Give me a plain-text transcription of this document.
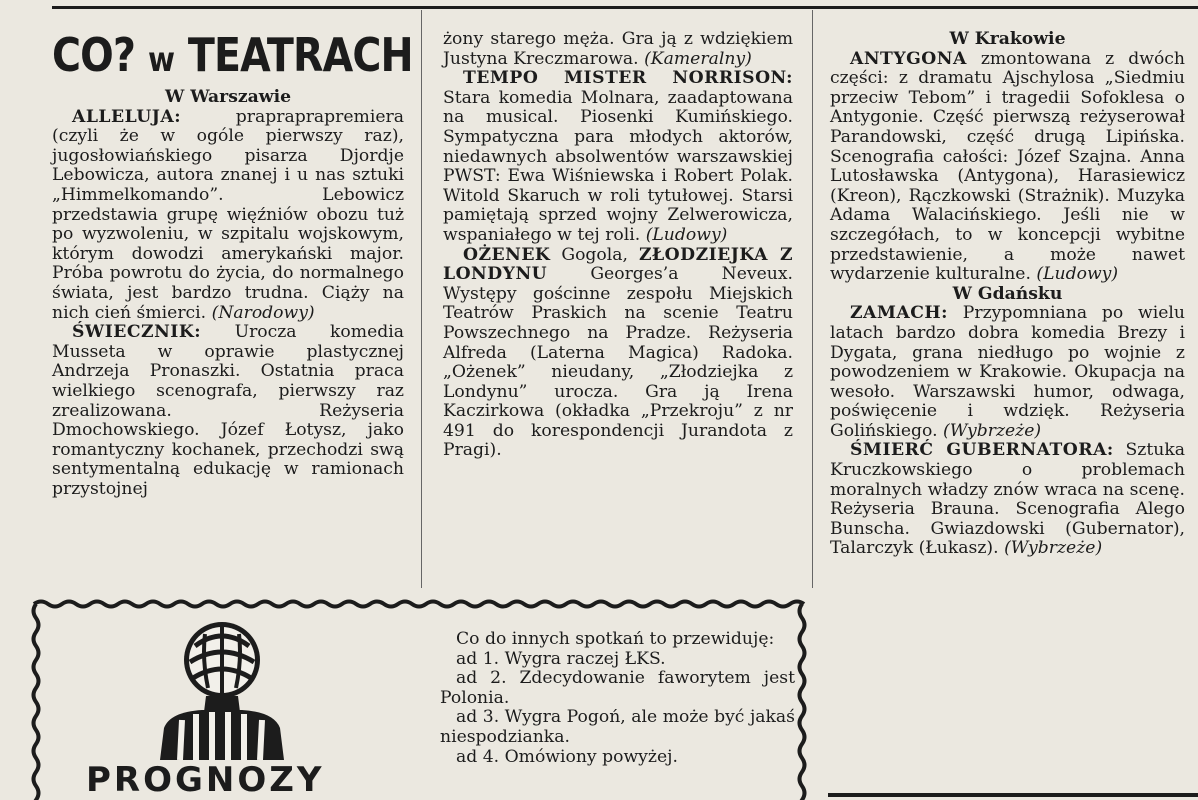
CO? w TEATRACH

W Warszawie

ALLELUJA: prapraprapremiera (czyli że w ogóle pierwszy raz), jugosłowiańskiego pisarza Djordje Lebowicza, autora znanej i u nas sztuki „Himmelkomando”. Lebowicz przedstawia grupę więźniów obozu tuż po wyzwoleniu, w szpitalu wojskowym, którym dowodzi amerykański major. Próba powrotu do życia, do normalnego świata, jest bardzo trudna. Ciąży na nich cień śmierci. (Narodowy)

ŚWIECZNIK: Urocza komedia Musseta w oprawie plastycznej Andrzeja Pronaszki. Ostatnia praca wielkiego scenografa, pierwszy raz zrealizowana. Reżyseria Dmochowskiego. Józef Łotysz, jako romantyczny kochanek, przechodzi swą sentymentalną edukację w ramionach przystojnej

żony starego męża. Gra ją z wdziękiem Justyna Kreczmarowa. (Kameralny)

TEMPO MISTER NORRISON: Stara komedia Molnara, zaadaptowana na musical. Piosenki Kumińskiego. Sympatyczna para młodych aktorów, niedawnych absolwentów warszawskiej PWST: Ewa Wiśniewska i Robert Polak. Witold Skaruch w roli tytułowej. Starsi pamiętają sprzed wojny Zelwerowicza, wspaniałego w tej roli. (Ludowy)

OŻENEK Gogola, ZŁODZIEJKA Z LONDYNU Georges’a Neveux. Występy gościnne zespołu Miejskich Teatrów Praskich na scenie Teatru Powszechnego na Pradze. Reżyseria Alfreda (Laterna Magica) Radoka. „Ożenek” nieudany, „Złodziejka z Londynu” urocza. Gra ją Irena Kaczirkowa (okładka „Przekroju” z nr 491 do korespondencji Jurandota z Pragi).

W Krakowie

ANTYGONA zmontowana z dwóch części: z dramatu Ajschylosa „Siedmiu przeciw Tebom” i tragedii Sofoklesa o Antygonie. Część pierwszą reżyserował Parandowski, część drugą Lipińska. Scenografia całości: Józef Szajna. Anna Lutosławska (Antygona), Harasiewicz (Kreon), Rączkowski (Strażnik). Muzyka Adama Walacińskiego. Jeśli nie w szczegółach, to w koncepcji wybitne przedstawienie, a może nawet wydarzenie kulturalne. (Ludowy)

W Gdańsku

ZAMACH: Przypomniana po wielu latach bardzo dobra komedia Brezy i Dygata, grana niedługo po wojnie z powodzeniem w Krakowie. Okupacja na wesoło. Warszawski humor, odwaga, poświęcenie i wdzięk. Reżyseria Golińskiego. (Wybrzeże)

ŚMIERĆ GUBERNATORA: Sztuka Kruczkowskiego o problemach moralnych władzy znów wraca na scenę. Reżyseria Brauna. Scenografia Alego Bunscha. Gwiazdowski (Gubernator), Talarczyk (Łukasz). (Wybrzeże)

PROGNOZY

Co do innych spotkań to przewiduję:

ad 1. Wygra raczej ŁKS.

ad 2. Zdecydowanie faworytem jest Polonia.

ad 3. Wygra Pogoń, ale może być jakaś niespodzianka.

ad 4. Omówiony powyżej.
